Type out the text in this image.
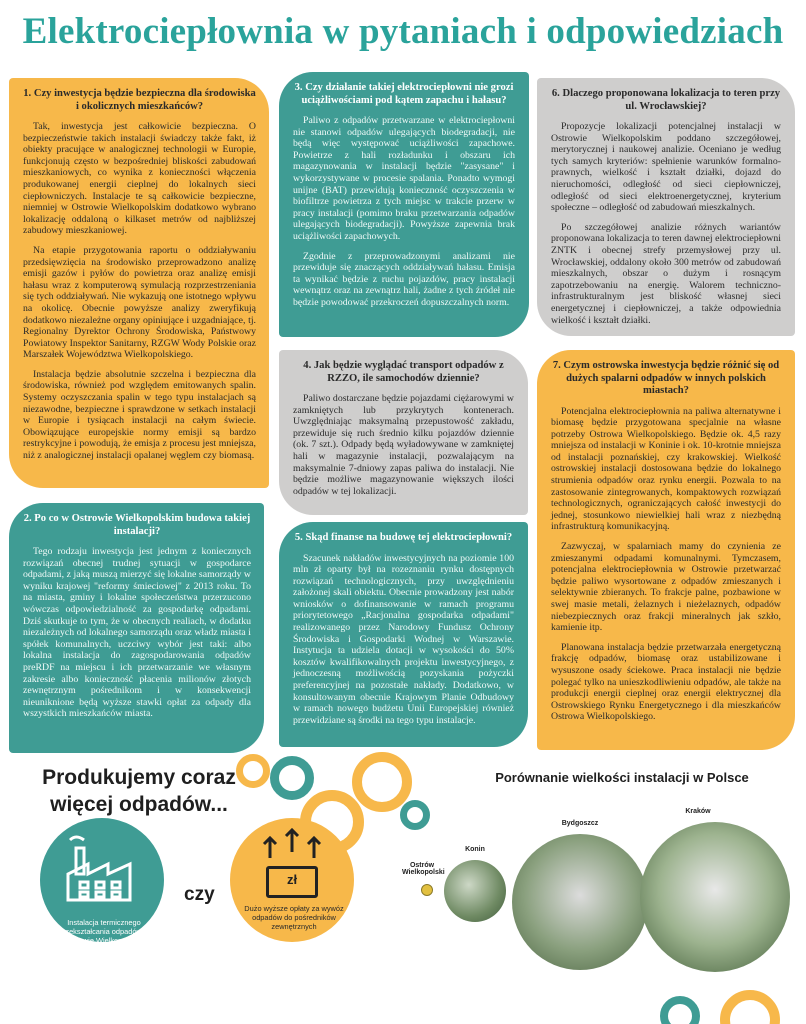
Elektrociepłownia w pytaniach i odpowiedziach
1. Czy inwestycja będzie bezpieczna dla środowiska i okolicznych mieszkańców?
Tak, inwestycja jest całkowicie bezpieczna. O bezpieczeństwie takich instalacji świadczy także fakt, iż obiekty pracujące w analogicznej technologii w Europie, funkcjonują często w bezpośredniej bliskości zabudowań mieszkaniowych, co wynika z konieczności włączenia produkowanej energii cieplnej do lokalnych sieci ciepłowniczych. Instalacje te są całkowicie bezpieczne, niemniej w Ostrowie Wielkopolskim dodatkowo wybrano lokalizację oddaloną o kilkaset metrów od najbliższej zabudowy mieszkaniowej.
Na etapie przygotowania raportu o oddziaływaniu przedsięwzięcia na środowisko przeprowadzono analizę emisji gazów i pyłów do powietrza oraz analizę emisji hałasu wraz z komputerową symulacją rozprzestrzeniania się tych oddziaływań. Nie wykazują one istotnego wpływu na okolicę. Obecnie powyższe analizy zweryfikują dodatkowo niezależne organy opiniujące i uzgadniające, tj. Regionalny Dyrektor Ochrony Środowiska, Państwowy Powiatowy Inspektor Sanitarny, RZGW Wody Polskie oraz Marszałek Województwa Wielkopolskiego.
Instalacja będzie absolutnie szczelna i bezpieczna dla środowiska, również pod względem emitowanych spalin. Systemy oczyszczania spalin w tego typu instalacjach są niezawodne, bezpieczne i sprawdzone w setkach instalacji w Europie i tysiącach instalacji na całym świecie. Obowiązujące europejskie normy emisji są bardzo restrykcyjne i powodują, że emisja z procesu jest mniejsza, niż z analogicznej instalacji opalanej węglem czy biomasą.
2. Po co w Ostrowie Wielkopolskim budowa takiej instalacji?
Tego rodzaju inwestycja jest jednym z koniecznych rozwiązań obecnej trudnej sytuacji w gospodarce odpadami, z jaką muszą mierzyć się lokalne samorządy w wyniku krajowej "reformy śmieciowej" z 2013 roku. To na miasta, gminy i lokalne społeczeństwa przerzucono wówczas odpowiedzialność za gospodarkę odpadami. Dziś skutkuje to tym, że w obecnych realiach, w dodatku niezależnych od lokalnego samorządu oraz władz miasta i spółek komunalnych, uczciwy wybór jest taki: albo lokalna instalacja do zagospodarowania odpadów preRDF na miejscu i ich przetwarzanie we własnym zakresie albo konieczność płacenia milionów złotych zewnętrznym pośrednikom i w konsekwencji nieuniknione będą wyższe stawki opłat za odpady dla wszystkich mieszkańców miasta.
3. Czy działanie takiej elektrociepłowni nie grozi uciążliwościami pod kątem zapachu i hałasu?
Paliwo z odpadów przetwarzane w elektrociepłowni nie stanowi odpadów ulegających biodegradacji, nie będą więc występować uciążliwości zapachowe. Powietrze z hali rozładunku i obszaru ich magazynowania w instalacji będzie "zasysane" i wykorzystywane w procesie spalania. Ponadto wymogi unijne (BAT) przewidują konieczność oczyszczenia w biofiltrze powietrza z tych miejsc w trakcie przerw w pracy instalacji (pomimo braku przetwarzania odpadów ulegających biodegradacji). Powyższe zapewnia brak uciążliwości zapachowych.
Zgodnie z przeprowadzonymi analizami nie przewiduje się znaczących oddziaływań hałasu. Emisja ta wynikać będzie z ruchu pojazdów, pracy instalacji wewnątrz oraz na zewnątrz hali, żadne z tych źródeł nie będzie powodować przekroczeń dopuszczalnych norm.
4. Jak będzie wyglądać transport odpadów z RZZO, ile samochodów dziennie?
Paliwo dostarczane będzie pojazdami ciężarowymi w zamkniętych lub przykrytych kontenerach. Uwzględniając maksymalną przepustowość zakładu, przewiduje się ruch średnio kilku pojazdów dziennie (ok. 7 szt.). Odpady będą wyładowywane w zamkniętej hali w magazynie instalacji, pozwalającym na maksymalnie 7-dniowy zapas paliwa do instalacji. Nie będzie możliwe magazynowanie większych ilości odpadów w tej lokalizacji.
5. Skąd finanse na budowę tej elektrociepłowni?
Szacunek nakładów inwestycyjnych na poziomie 100 mln zł oparty był na rozeznaniu rynku dostępnych rozwiązań technologicznych, przy uwzględnieniu założonej skali obiektu. Obecnie prowadzony jest nabór wniosków o dofinansowanie w ramach programu priorytetowego „Racjonalna gospodarka odpadami" realizowanego przez Narodowy Fundusz Ochrony Środowiska i Gospodarki Wodnej w Warszawie. Instytucja ta udziela dotacji w wysokości do 50% kosztów kwalifikowalnych projektu inwestycyjnego, z jednoczesną możliwością pozyskania pożyczki preferencyjnej na pozostałe nakłady. Dodatkowo, w konsultowanym obecnie Krajowym Planie Odbudowy w ramach nowego budżetu Unii Europejskiej również przewidziane są środki na tego typu instalacje.
6. Dlaczego proponowana lokalizacja to teren przy ul. Wrocławskiej?
Propozycje lokalizacji potencjalnej instalacji w Ostrowie Wielkopolskim poddano szczegółowej, merytorycznej i naukowej analizie. Oceniano je według tych samych kryteriów: spełnienie warunków formalno-prawnych, wielkość i kształt działki, dojazd do nieruchomości, odległość od sieci ciepłowniczej, odległość od sieci elektroenergetycznej, kryterium społeczne – odległość od zabudowań mieszkalnych.
Po szczegółowej analizie różnych wariantów proponowana lokalizacja to teren dawnej elektrociepłowni ZNTK i obecnej strefy przemysłowej przy ul. Wrocławskiej, oddalony około 300 metrów od zabudowań mieszkalnych, obszar o dużym i rosnącym zapotrzebowaniu na energię. Walorem techniczno-infrastrukturalnym jest bliskość własnej sieci energetycznej i ciepłowniczej, a także odpowiednia wielkość i kształt działki.
7. Czym ostrowska inwestycja będzie różnić się od dużych spalarni odpadów w innych polskich miastach?
Potencjalna elektrociepłownia na paliwa alternatywne i biomasę będzie przygotowana specjalnie na własne potrzeby Ostrowa Wielkopolskiego. Będzie ok. 4,5 razy mniejsza od instalacji w Koninie i ok. 10-krotnie mniejsza od instalacji poznańskiej, czy krakowskiej. Wielkość ostrowskiej instalacji dostosowana będzie do lokalnego strumienia odpadów oraz rynku energii. Pozwala to na zastosowanie zintegrowanych, kompaktowych rozwiązań technologicznych, ograniczających całość inwestycji do jednej, stosunkowo niewielkiej hali wraz z niezbędną infrastrukturą komunikacyjną.
Zazwyczaj, w spalarniach mamy do czynienia ze zmieszanymi odpadami komunalnymi. Tymczasem, potencjalna elektrociepłownia w Ostrowie przetwarzać będzie paliwo wysortowane z odpadów zmieszanych i selektywnie zbieranych. To frakcje palne, pozbawione w swej masie metali, żelaznych i nieżelaznych, odpadów niebezpiecznych oraz frakcji mineralnych jak szkło, kamienie itp.
Planowana instalacja będzie przetwarzała energetyczną frakcję odpadów, biomasę oraz ustabilizowane i wysuszone osady ściekowe. Praca instalacji nie będzie polegać tylko na unieszkodliwieniu odpadów, ale także na produkcji energii cieplnej oraz energii elektrycznej dla Ostrowskiego Rynku Energetycznego i dla mieszkańców Ostrowa Wielkopolskiego.
Produkujemy coraz więcej odpadów...
Instalacja termicznego przekształcania odpadów w Ostrowie Wielkopolskim
czy
zł
Dużo wyższe opłaty za wywóz odpadów do pośredników zewnętrznych
Porównanie wielkości instalacji w Polsce
Ostrów Wielkopolski
Konin
Bydgoszcz
Kraków
